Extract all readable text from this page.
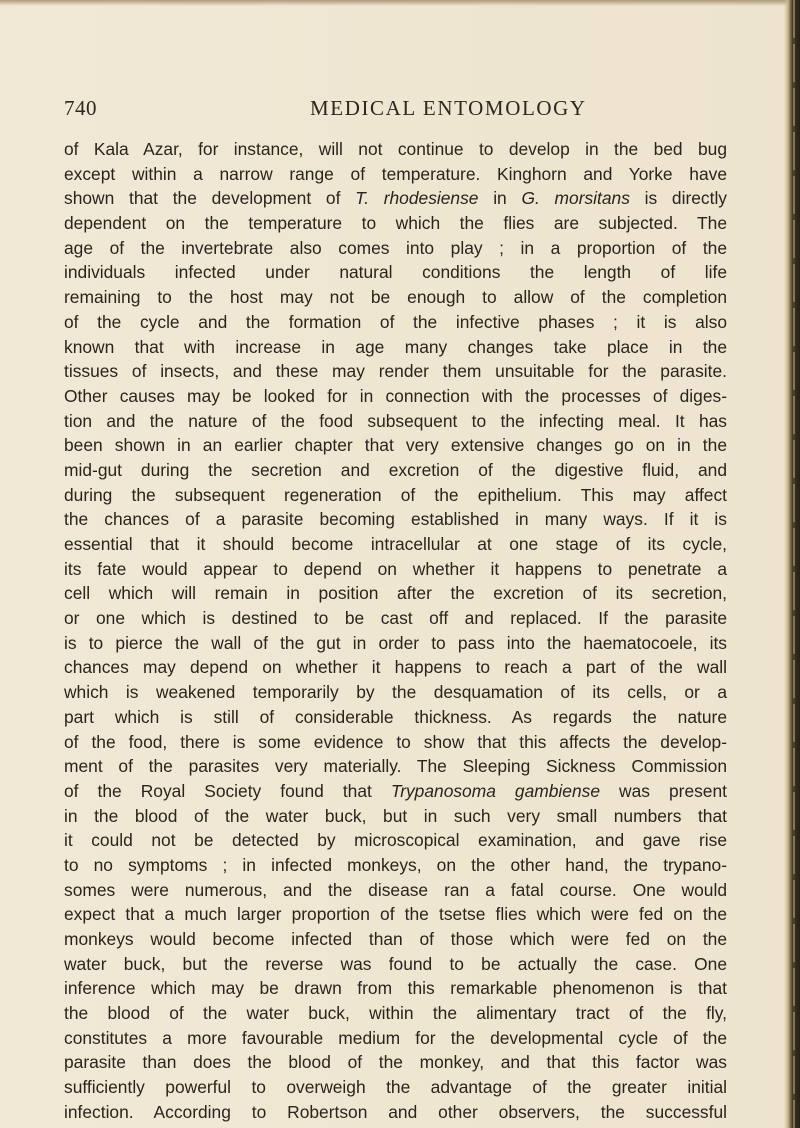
740	MEDICAL ENTOMOLOGY
of Kala Azar, for instance, will not continue to develop in the bed bug
except within a narrow range of temperature. Kinghorn and Yorke have
shown that the development of T. rhodesiense in G. morsitans is directly
dependent on the temperature to which the flies are subjected. The
age of the invertebrate also comes into play ; in a proportion of the
individuals infected under natural conditions the length of life
remaining to the host may not be enough to allow of the completion
of the cycle and the formation of the infective phases ; it is also
known that with increase in age many changes take place in the
tissues of insects, and these may render them unsuitable for the parasite.
Other causes may be looked for in connection with the processes of diges-
tion and the nature of the food subsequent to the infecting meal. It has
been shown in an earlier chapter that very extensive changes go on in the
mid-gut during the secretion and excretion of the digestive fluid, and
during the subsequent regeneration of the epithelium. This may affect
the chances of a parasite becoming established in many ways. If it is
essential that it should become intracellular at one stage of its cycle,
its fate would appear to depend on whether it happens to penetrate a
cell which will remain in position after the excretion of its secretion,
or one which is destined to be cast off and replaced. If the parasite
is to pierce the wall of the gut in order to pass into the haematocoele, its
chances may depend on whether it happens to reach a part of the wall
which is weakened temporarily by the desquamation of its cells, or a
part which is still of considerable thickness. As regards the nature
of the food, there is some evidence to show that this affects the develop-
ment of the parasites very materially. The Sleeping Sickness Commission
of the Royal Society found that Trypanosoma gambiense was present
in the blood of the water buck, but in such very small numbers that
it could not be detected by microscopical examination, and gave rise
to no symptoms ; in infected monkeys, on the other hand, the trypano-
somes were numerous, and the disease ran a fatal course. One would
expect that a much larger proportion of the tsetse flies which were fed on the
monkeys would become infected than of those which were fed on the
water buck, but the reverse was found to be actually the case. One
inference which may be drawn from this remarkable phenomenon is that
the blood of the water buck, within the alimentary tract of the fly,
constitutes a more favourable medium for the developmental cycle of the
parasite than does the blood of the monkey, and that this factor was
sufficiently powerful to overweigh the advantage of the greater initial
infection. According to Robertson and other observers, the successful
